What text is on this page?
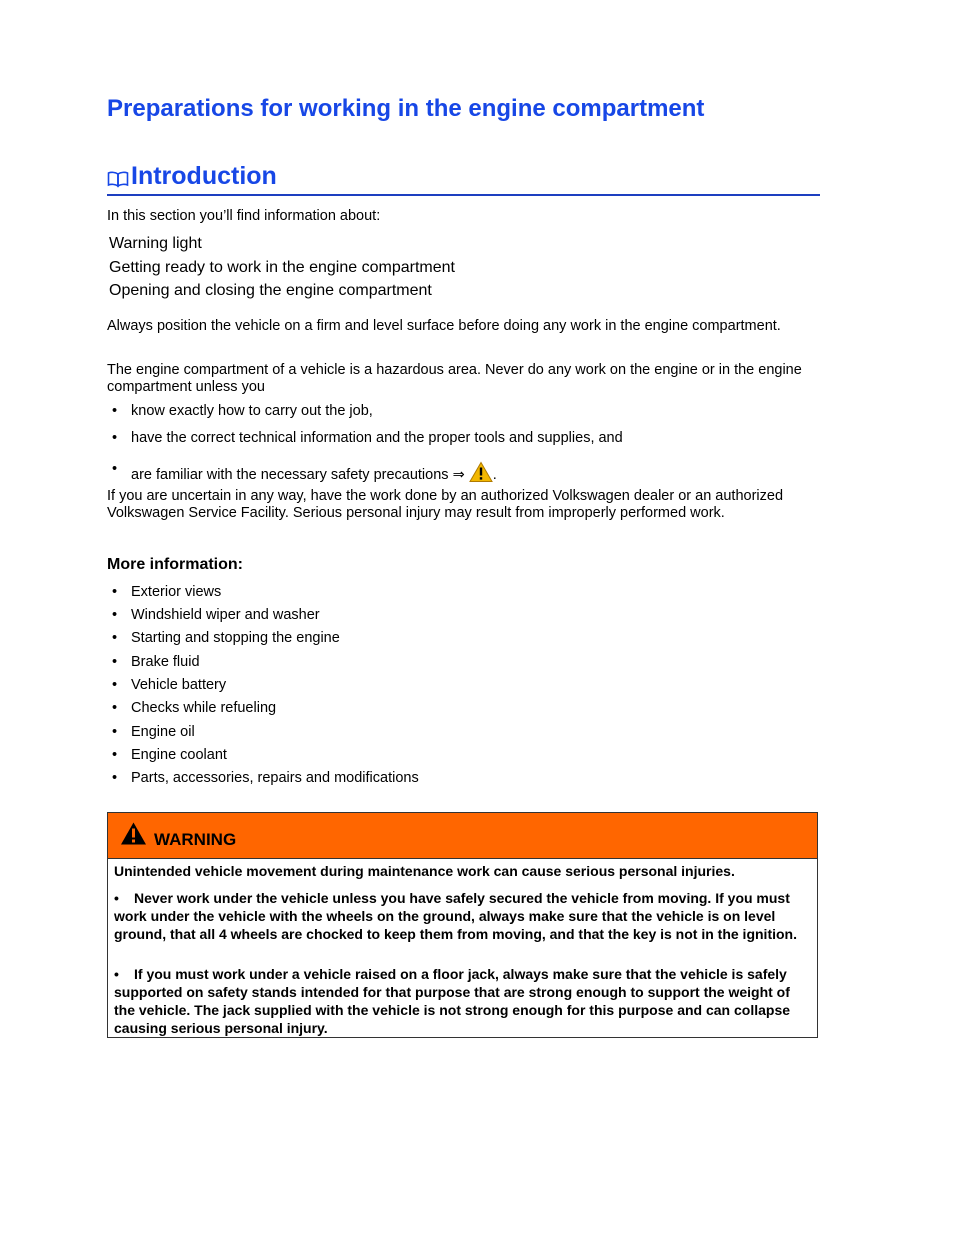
Preparations for working in the engine compartment
Introduction

In this section you’ll find information about:

Warning light

Getting ready to work in the engine compartment

Opening and closing the engine compartment

Always position the vehicle on a firm and level surface before doing any work in the engine compartment.

The engine compartment of a vehicle is a hazardous area. Never do any work on the engine or in the engine compartment unless you

• know exactly how to carry out the job,
• have the correct technical information and the proper tools and supplies, and
• are familiar with the necessary safety precautions ⇒ .

If you are uncertain in any way, have the work done by an authorized Volkswagen dealer or an authorized Volkswagen Service Facility. Serious personal injury may result from improperly performed work.

More information:
• Exterior views
• Windshield wiper and washer
• Starting and stopping the engine
• Brake fluid
• Vehicle battery
• Checks while refueling
• Engine oil
• Engine coolant
• Parts, accessories, repairs and modifications

WARNING

Unintended vehicle movement during maintenance work can cause serious personal injuries.

• Never work under the vehicle unless you have safely secured the vehicle from moving. If you must work under the vehicle with the wheels on the ground, always make sure that the vehicle is on level ground, that all 4 wheels are chocked to keep them from moving, and that the key is not in the ignition.

• If you must work under a vehicle raised on a floor jack, always make sure that the vehicle is safely supported on safety stands intended for that purpose that are strong enough to support the weight of the vehicle. The jack supplied with the vehicle is not strong enough for this purpose and can collapse causing serious personal injury.
